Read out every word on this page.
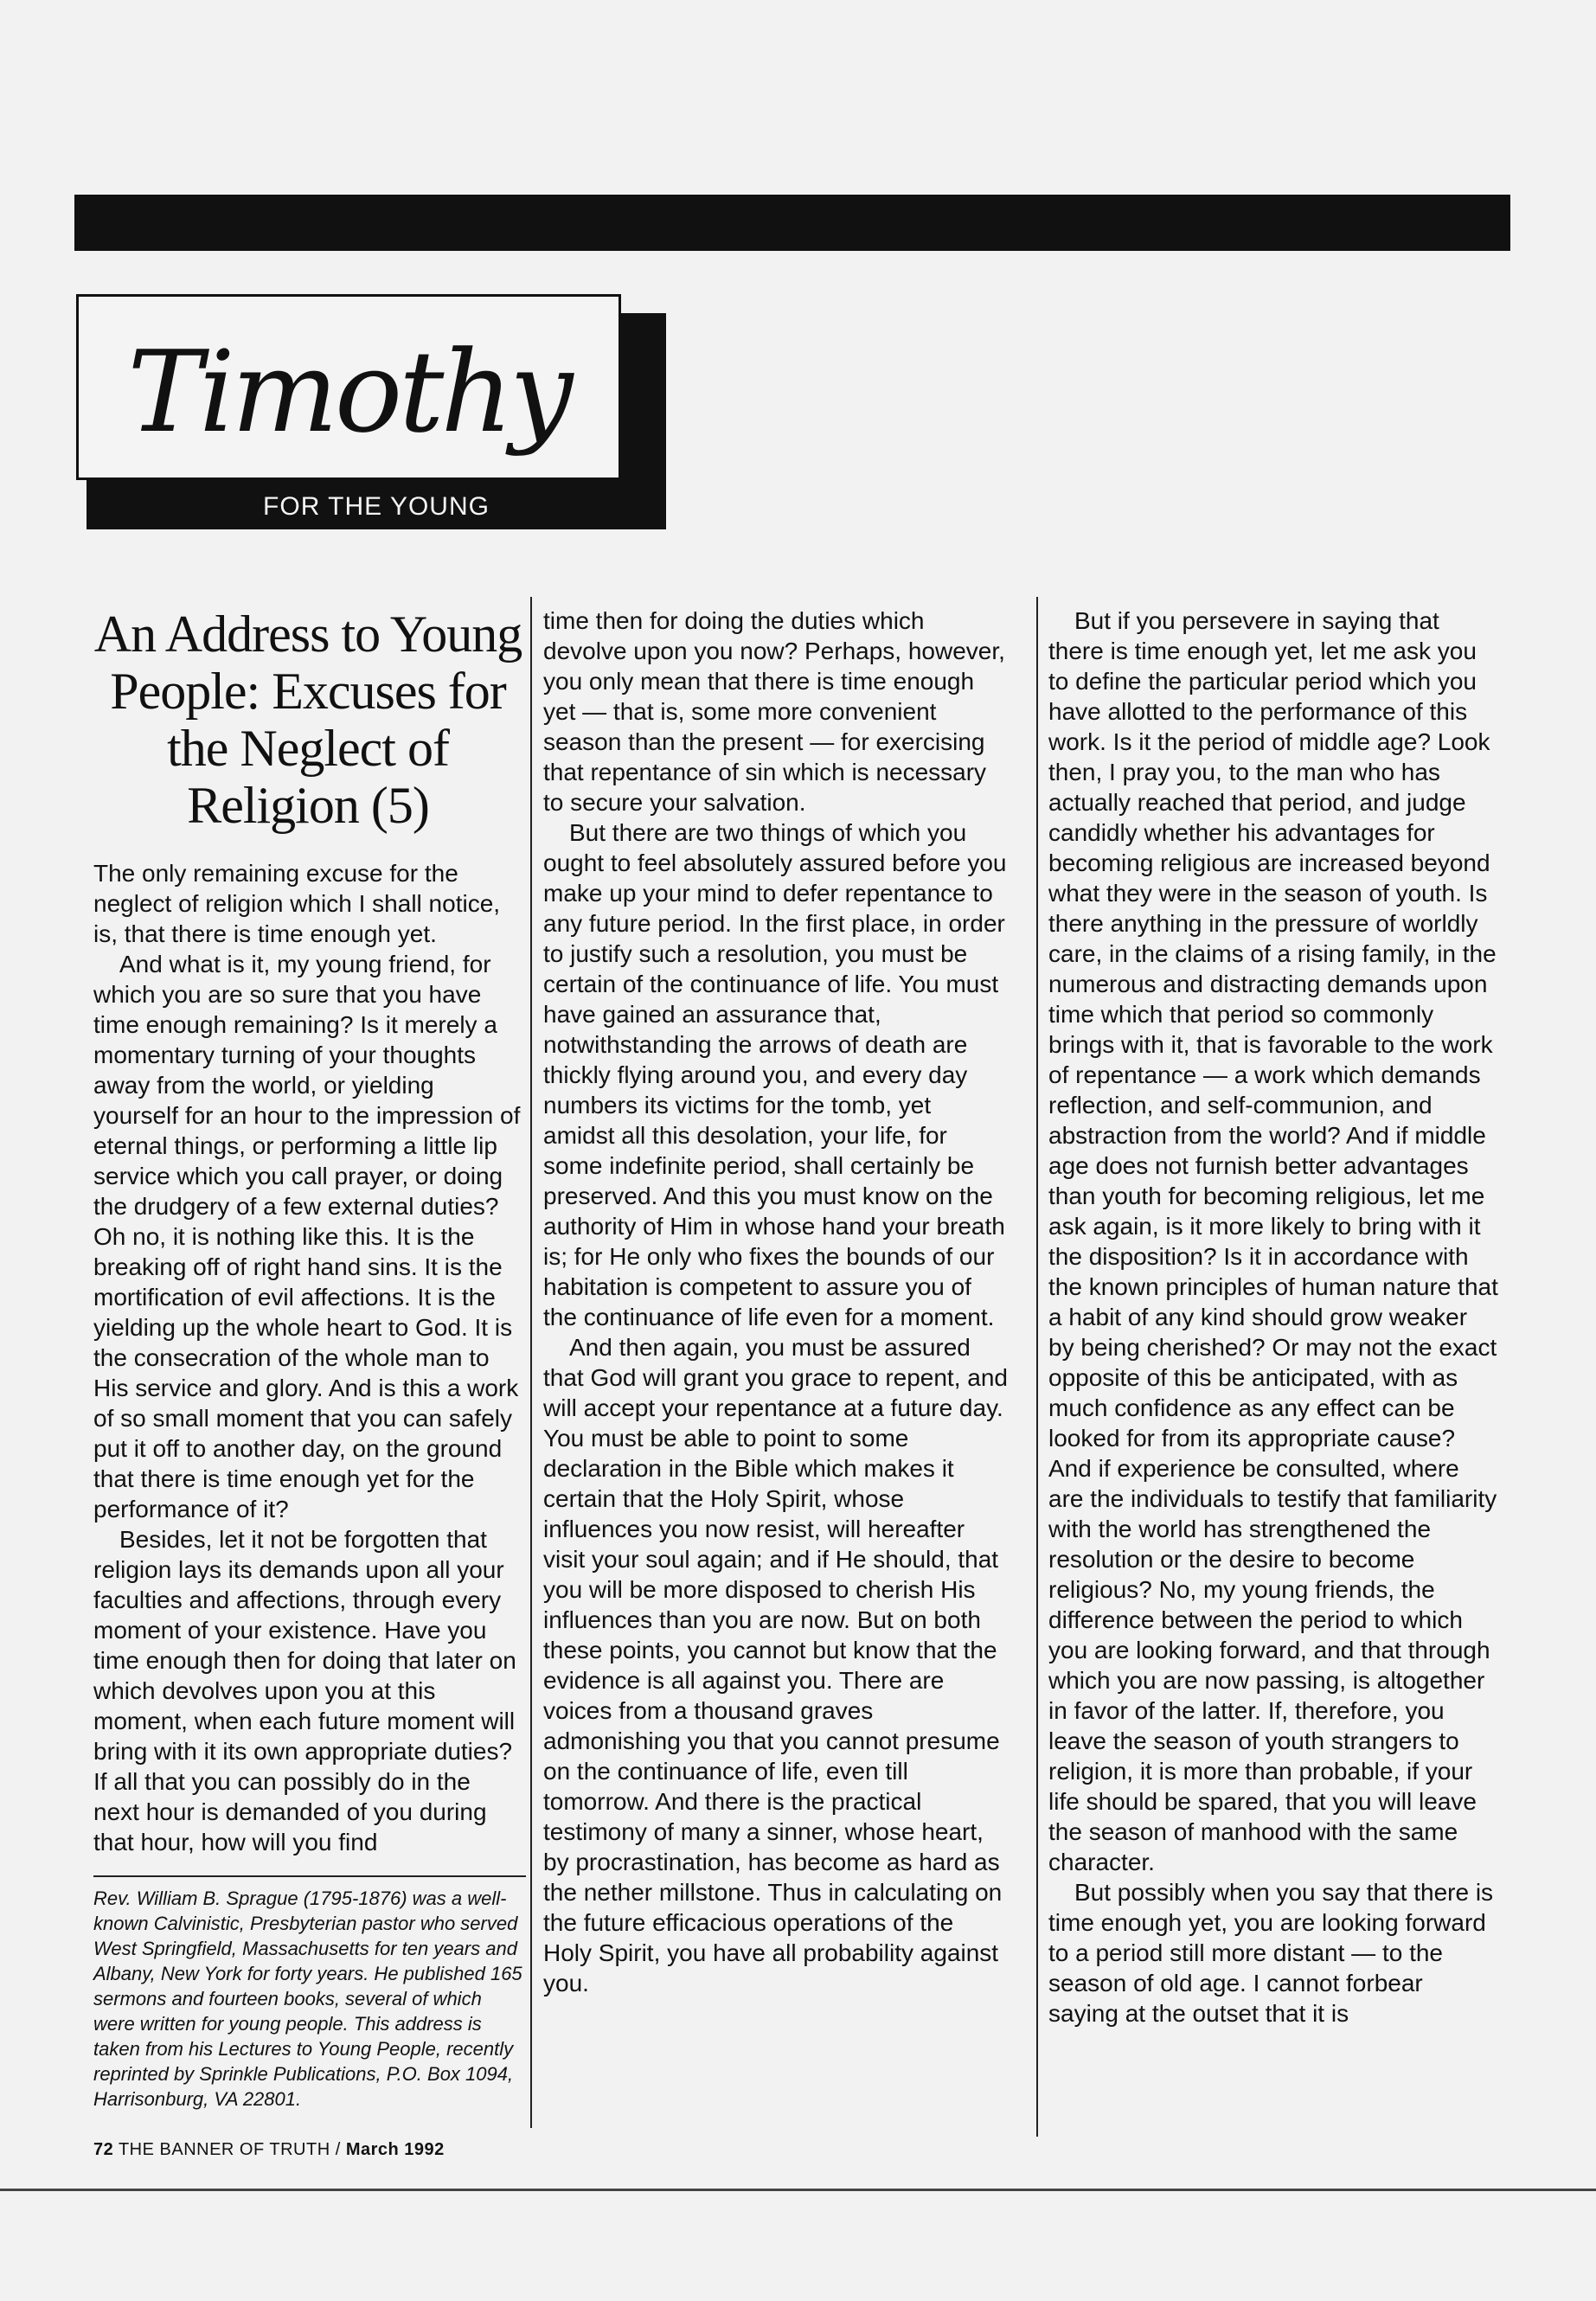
Timothy
FOR THE YOUNG
An Address to Young People: Excuses for the Neglect of Religion (5)

The only remaining excuse for the neglect of religion which I shall notice, is, that there is time enough yet.

And what is it, my young friend, for which you are so sure that you have time enough remaining? Is it merely a momentary turning of your thoughts away from the world, or yielding yourself for an hour to the impression of eternal things, or performing a little lip service which you call prayer, or doing the drudgery of a few external duties? Oh no, it is nothing like this. It is the breaking off of right hand sins. It is the mortification of evil affections. It is the yielding up the whole heart to God. It is the consecration of the whole man to His service and glory. And is this a work of so small moment that you can safely put it off to another day, on the ground that there is time enough yet for the performance of it?

Besides, let it not be forgotten that religion lays its demands upon all your faculties and affections, through every moment of your existence. Have you time enough then for doing that later on which devolves upon you at this moment, when each future moment will bring with it its own appropriate duties? If all that you can possibly do in the next hour is demanded of you during that hour, how will you find

time then for doing the duties which devolve upon you now? Perhaps, however, you only mean that there is time enough yet — that is, some more convenient season than the present — for exercising that repentance of sin which is necessary to secure your salvation.

But there are two things of which you ought to feel absolutely assured before you make up your mind to defer repentance to any future period. In the first place, in order to justify such a resolution, you must be certain of the continuance of life. You must have gained an assurance that, notwithstanding the arrows of death are thickly flying around you, and every day numbers its victims for the tomb, yet amidst all this desolation, your life, for some indefinite period, shall certainly be preserved. And this you must know on the authority of Him in whose hand your breath is; for He only who fixes the bounds of our habitation is competent to assure you of the continuance of life even for a moment.

And then again, you must be assured that God will grant you grace to repent, and will accept your repentance at a future day. You must be able to point to some declaration in the Bible which makes it certain that the Holy Spirit, whose influences you now resist, will hereafter visit your soul again; and if He should, that you will be more disposed to cherish His influences than you are now. But on both these points, you cannot but know that the evidence is all against you. There are voices from a thousand graves admonishing you that you cannot presume on the continuance of life, even till tomorrow. And there is the practical testimony of many a sinner, whose heart, by procrastination, has become as hard as the nether millstone. Thus in calculating on the future efficacious operations of the Holy Spirit, you have all probability against you.

But if you persevere in saying that there is time enough yet, let me ask you to define the particular period which you have allotted to the performance of this work. Is it the period of middle age? Look then, I pray you, to the man who has actually reached that period, and judge candidly whether his advantages for becoming religious are increased beyond what they were in the season of youth. Is there anything in the pressure of worldly care, in the claims of a rising family, in the numerous and distracting demands upon time which that period so commonly brings with it, that is favorable to the work of repentance — a work which demands reflection, and self-communion, and abstraction from the world? And if middle age does not furnish better advantages than youth for becoming religious, let me ask again, is it more likely to bring with it the disposition? Is it in accordance with the known principles of human nature that a habit of any kind should grow weaker by being cherished? Or may not the exact opposite of this be anticipated, with as much confidence as any effect can be looked for from its appropriate cause? And if experience be consulted, where are the individuals to testify that familiarity with the world has strengthened the resolution or the desire to become religious? No, my young friends, the difference between the period to which you are looking forward, and that through which you are now passing, is altogether in favor of the latter. If, therefore, you leave the season of youth strangers to religion, it is more than probable, if your life should be spared, that you will leave the season of manhood with the same character.

But possibly when you say that there is time enough yet, you are looking forward to a period still more distant — to the season of old age. I cannot forbear saying at the outset that it is

Rev. William B. Sprague (1795-1876) was a well-known Calvinistic, Presbyterian pastor who served West Springfield, Massachusetts for ten years and Albany, New York for forty years. He published 165 sermons and fourteen books, several of which were written for young people. This address is taken from his Lectures to Young People, recently reprinted by Sprinkle Publications, P.O. Box 1094, Harrisonburg, VA 22801.
72 THE BANNER OF TRUTH / March 1992
